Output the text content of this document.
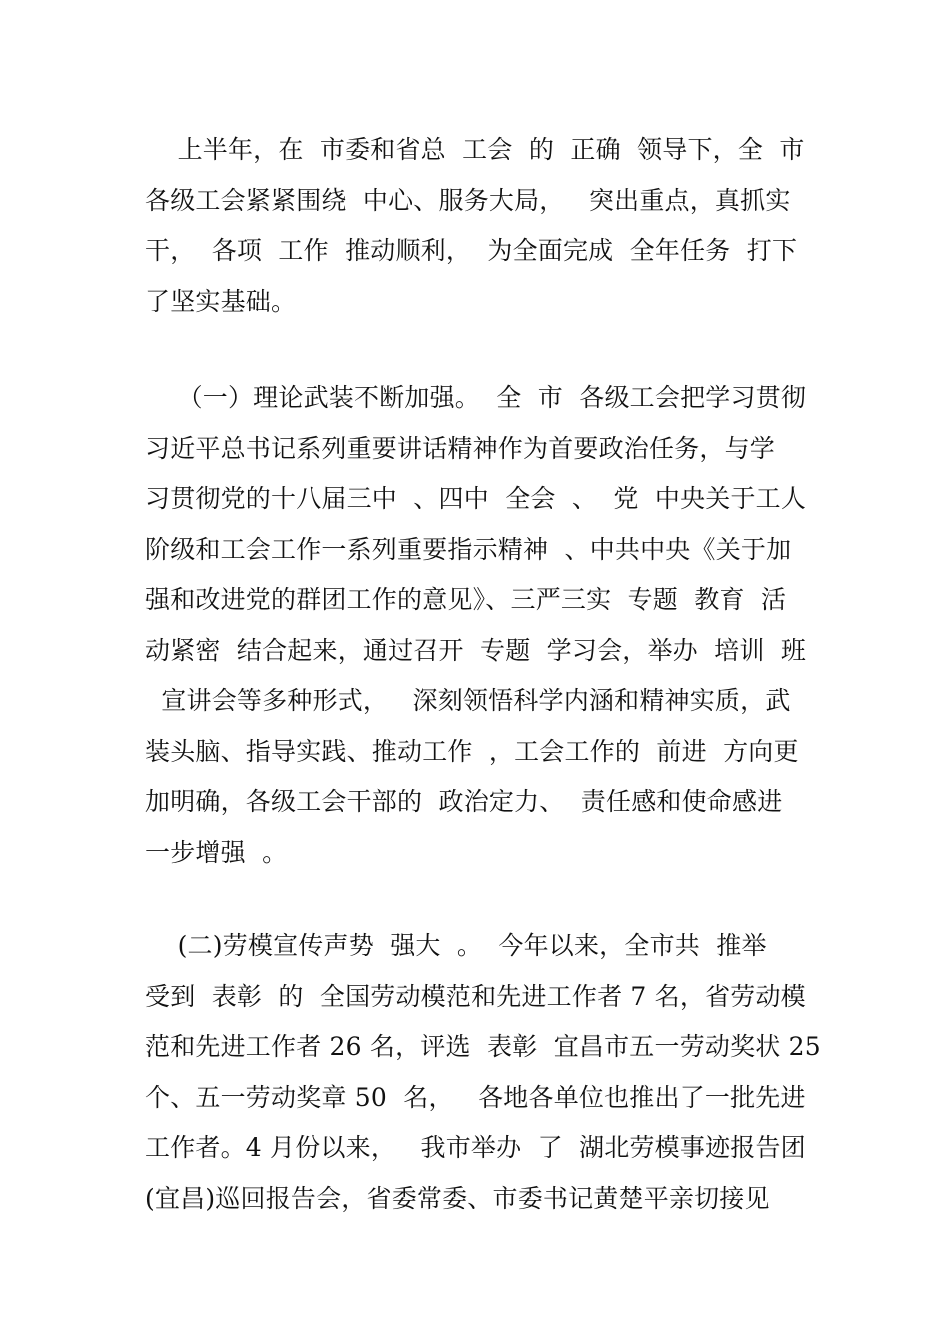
上半年，在  市委和省总  工会  的  正确  领导下，全  市
各级工会紧紧围绕  中心、服务大局，   突出重点，真抓实
干，  各项  工作  推动顺利，  为全面完成  全年任务  打下
了坚实基础。

（一）理论武装不断加强。  全  市  各级工会把学习贯彻
习近平总书记系列重要讲话精神作为首要政治任务，与学
习贯彻党的十八届三中  、四中  全会  、  党  中央关于工人
阶级和工会工作一系列重要指示精神  、中共中央《关于加
强和改进党的群团工作的意见》、三严三实  专题  教育  活
动紧密  结合起来，通过召开  专题  学习会，举办  培训  班
宣讲会等多种形式，   深刻领悟科学内涵和精神实质，武
装头脑、指导实践、推动工作  ，工会工作的  前进  方向更
加明确，各级工会干部的  政治定力、  责任感和使命感进
一步增强  。

(二)劳模宣传声势  强大  。  今年以来，全市共  推举
受到  表彰  的  全国劳动模范和先进工作者 7 名，省劳动模
范和先进工作者 26 名，评选  表彰  宜昌市五一劳动奖状 25
个、五一劳动奖章 50  名，   各地各单位也推出了一批先进
工作者。4 月份以来，   我市举办  了  湖北劳模事迹报告团
(宜昌)巡回报告会，省委常委、市委书记黄楚平亲切接见
